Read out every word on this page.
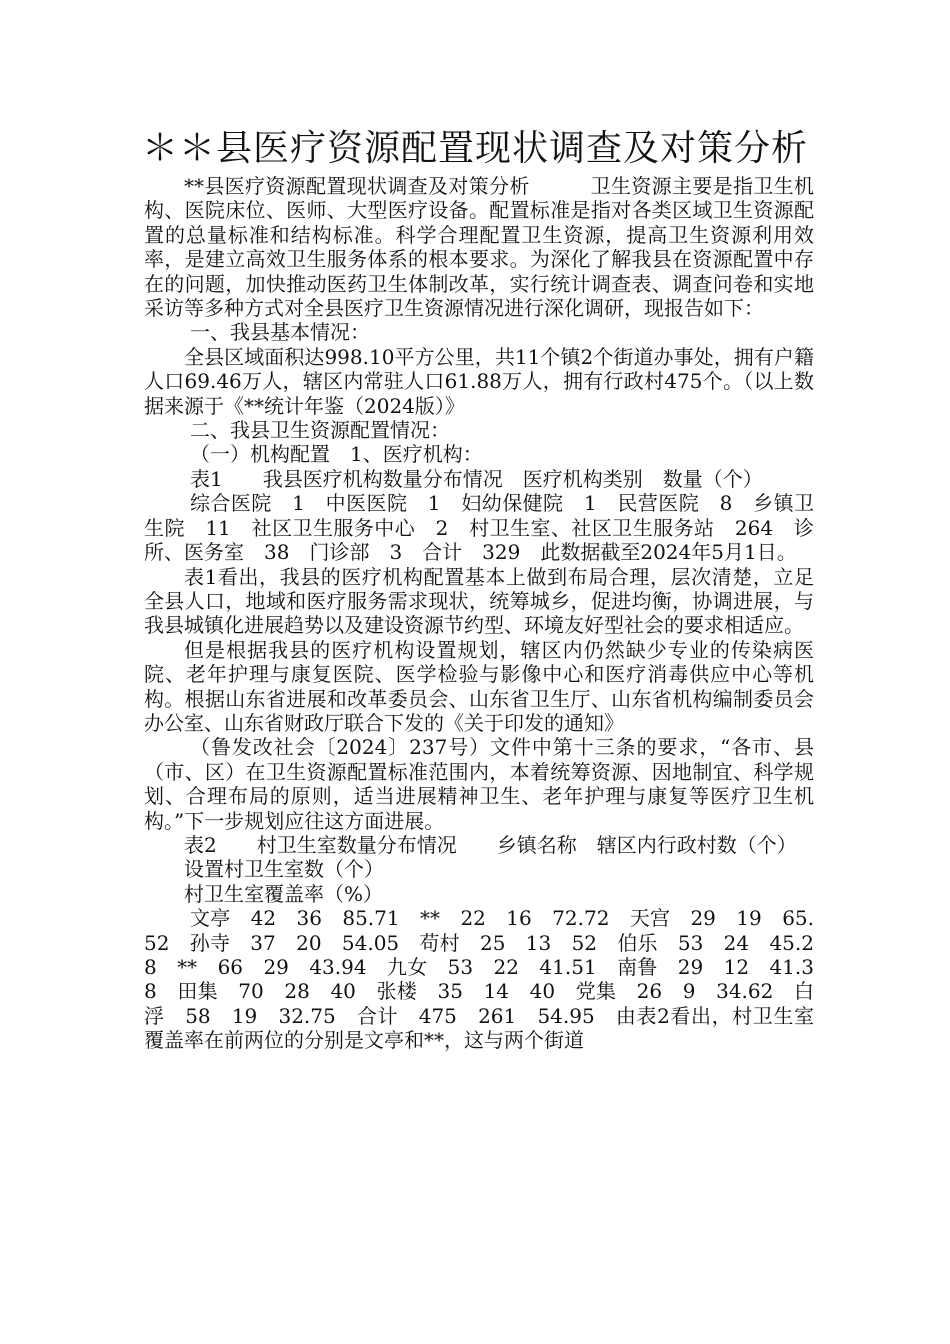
＊＊县医疗资源配置现状调查及对策分析

**县医疗资源配置现状调查及对策分析　　　卫生资源主要是指卫生机构、医院床位、医师、大型医疗设备。配置标准是指对各类区域卫生资源配置的总量标准和结构标准。科学合理配置卫生资源，提高卫生资源利用效率，是建立高效卫生服务体系的根本要求。为深化了解我县在资源配置中存在的问题，加快推动医药卫生体制改革，实行统计调查表、调查问卷和实地采访等多种方式对全县医疗卫生资源情况进行深化调研，现报告如下：

一、我县基本情况：

全县区域面积达998.10平方公里，共11个镇2个街道办事处，拥有户籍人口69.46万人，辖区内常驻人口61.88万人，拥有行政村475个。（以上数据来源于《**统计年鉴（2024版）》

二、我县卫生资源配置情况：

（一）机构配置　1、医疗机构：

表1　　我县医疗机构数量分布情况　医疗机构类别　数量（个）

综合医院　1　中医医院　1　妇幼保健院　1　民营医院　8　乡镇卫生院　11　社区卫生服务中心　2　村卫生室、社区卫生服务站　264　诊所、医务室　38　门诊部　3　合计　329　此数据截至2024年5月1日。

表1看出，我县的医疗机构配置基本上做到布局合理，层次清楚，立足全县人口，地域和医疗服务需求现状，统筹城乡，促进均衡，协调进展，与我县城镇化进展趋势以及建设资源节约型、环境友好型社会的要求相适应。

但是根据我县的医疗机构设置规划，辖区内仍然缺少专业的传染病医院、老年护理与康复医院、医学检验与影像中心和医疗消毒供应中心等机构。根据山东省进展和改革委员会、山东省卫生厅、山东省机构编制委员会办公室、山东省财政厅联合下发的《关于印发的通知》

（鲁发改社会〔2024〕237号）文件中第十三条的要求，“各市、县（市、区）在卫生资源配置标准范围内，本着统筹资源、因地制宜、科学规划、合理布局的原则，适当进展精神卫生、老年护理与康复等医疗卫生机构。”下一步规划应往这方面进展。

表2　　村卫生室数量分布情况　　乡镇名称　辖区内行政村数（个）

设置村卫生室数（个）

村卫生室覆盖率（%）

文亭　42　36　85.71　**　22　16　72.72　天宫　29　19　65.52　孙寺　37　20　54.05　苟村　25　13　52　伯乐　53　24　45.28　**　66　29　43.94　九女　53　22　41.51　南鲁　29　12　41.38　田集　70　28　40　张楼　35　14　40　党集　26　9　34.62　白浮　58　19　32.75　合计　475　261　54.95　由表2看出，村卫生室覆盖率在前两位的分别是文亭和**，这与两个街道
